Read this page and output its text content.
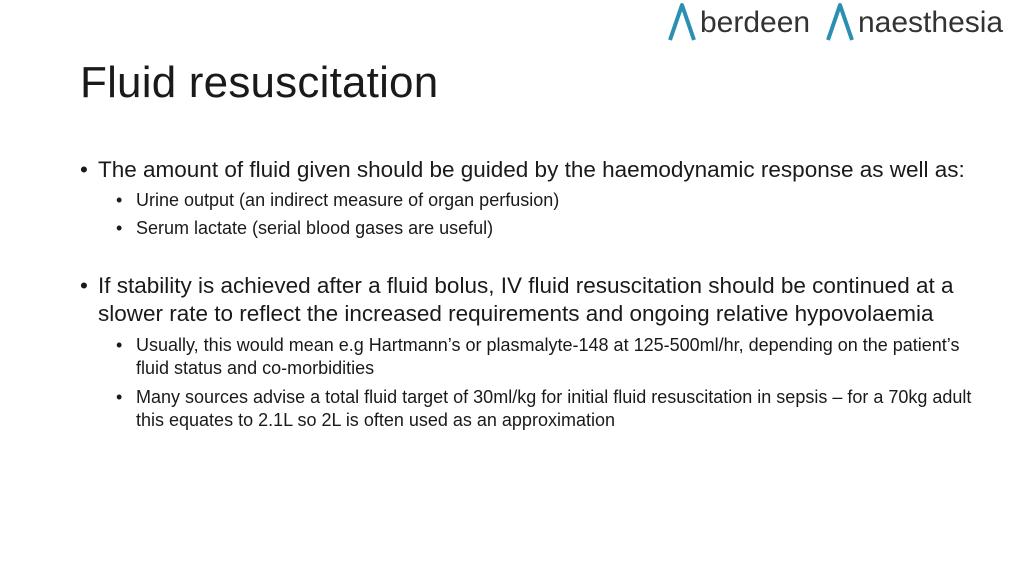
berdeen naesthesia
Fluid resuscitation
• The amount of fluid given should be guided by the haemodynamic response as well as:
• Urine output (an indirect measure of organ perfusion)
• Serum lactate (serial blood gases are useful)
• If stability is achieved after a fluid bolus, IV fluid resuscitation should be continued at a slower rate to reflect the increased requirements and ongoing relative hypovolaemia
• Usually, this would mean e.g Hartmann’s or plasmalyte-148 at 125-500ml/hr, depending on the patient’s fluid status and co-morbidities
• Many sources advise a total fluid target of 30ml/kg for initial fluid resuscitation in sepsis – for a 70kg adult this equates to 2.1L so 2L is often used as an approximation
